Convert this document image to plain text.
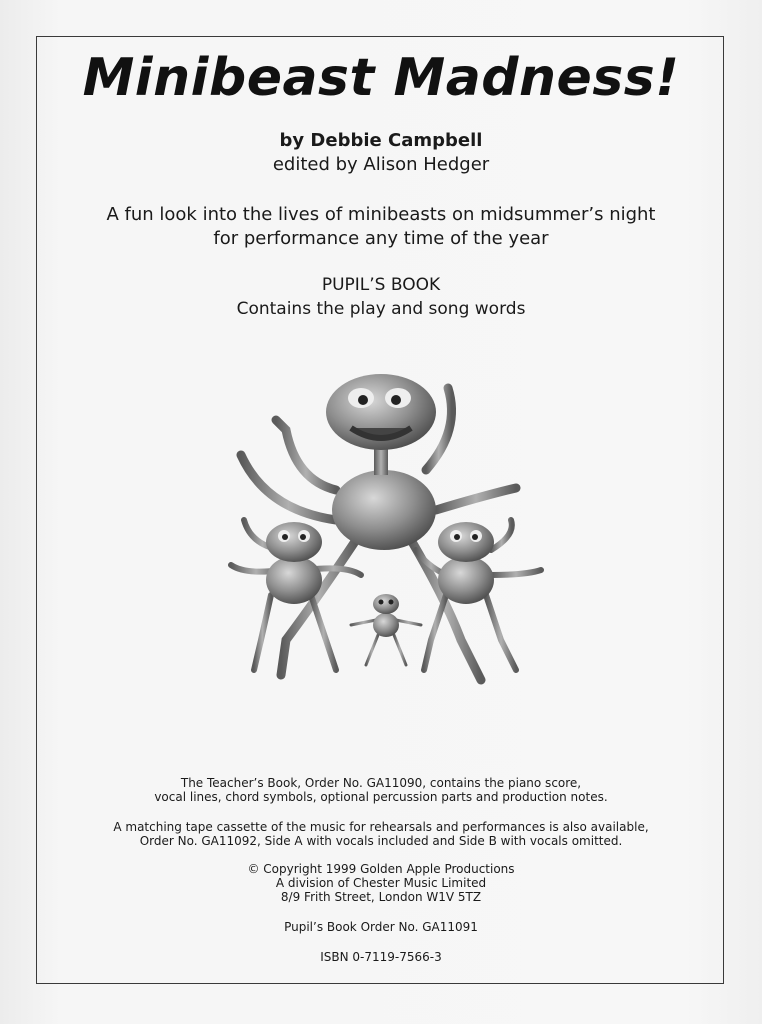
Minibeast Madness!
by Debbie Campbell
edited by Alison Hedger
A fun look into the lives of minibeasts on midsummer’s night
for performance any time of the year
PUPIL’S BOOK
Contains the play and song words
The Teacher’s Book, Order No. GA11090, contains the piano score,
vocal lines, chord symbols, optional percussion parts and production notes.
A matching tape cassette of the music for rehearsals and performances is also available,
Order No. GA11092, Side A with vocals included and Side B with vocals omitted.
© Copyright 1999 Golden Apple Productions
A division of Chester Music Limited
8/9 Frith Street, London W1V 5TZ
Pupil’s Book Order No. GA11091
ISBN 0-7119-7566-3
